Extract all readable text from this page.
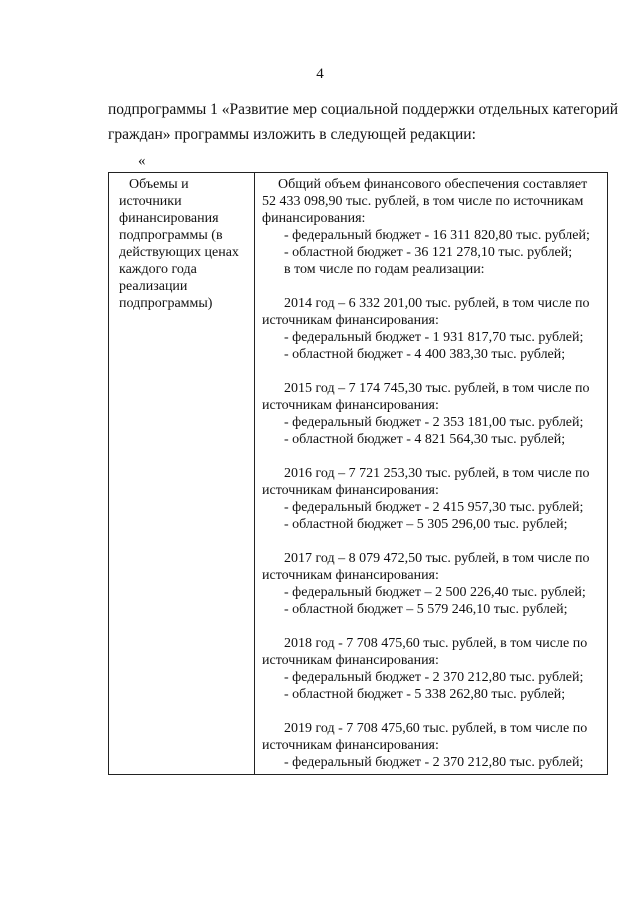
4
подпрограммы 1 «Развитие мер социальной поддержки отдельных категорий
граждан» программы изложить в следующей редакции:
«
Объемы и
источники
финансирования
подпрограммы (в
действующих ценах
каждого года
реализации
подпрограммы)
Общий объем финансового обеспечения составляет
52 433 098,90 тыс. рублей, в том числе по источникам
финансирования:
- федеральный бюджет - 16 311 820,80 тыс. рублей;
- областной бюджет - 36 121 278,10 тыс. рублей;
в том числе по годам реализации:
2014 год – 6 332 201,00 тыс. рублей, в том числе по
источникам финансирования:
- федеральный бюджет - 1 931 817,70 тыс. рублей;
- областной бюджет - 4 400 383,30 тыс. рублей;
2015 год – 7 174 745,30 тыс. рублей, в том числе по
источникам финансирования:
- федеральный бюджет - 2 353 181,00 тыс. рублей;
- областной бюджет - 4 821 564,30 тыс. рублей;
2016 год – 7 721 253,30 тыс. рублей, в том числе по
источникам финансирования:
- федеральный бюджет - 2 415 957,30 тыс. рублей;
- областной бюджет – 5 305 296,00 тыс. рублей;
2017 год – 8 079 472,50 тыс. рублей, в том числе по
источникам финансирования:
- федеральный бюджет – 2 500 226,40 тыс. рублей;
- областной бюджет – 5 579 246,10 тыс. рублей;
2018 год - 7 708 475,60 тыс. рублей, в том числе по
источникам финансирования:
- федеральный бюджет - 2 370 212,80 тыс. рублей;
- областной бюджет - 5 338 262,80 тыс. рублей;
2019 год - 7 708 475,60 тыс. рублей, в том числе по
источникам финансирования:
- федеральный бюджет - 2 370 212,80 тыс. рублей;
